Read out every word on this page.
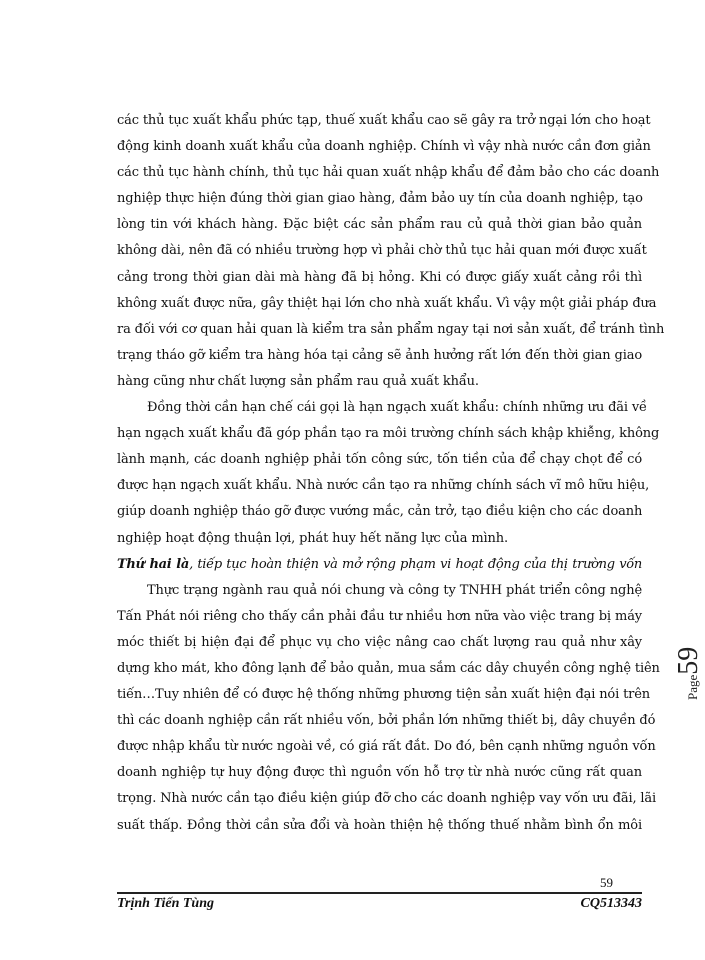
các thủ tục xuất khẩu phức tạp, thuế xuất khẩu cao sẽ gây ra trở ngại lớn cho hoạt
động kinh doanh xuất khẩu của doanh nghiệp. Chính vì vậy nhà nước cần đơn giản
các thủ tục hành chính, thủ tục hải quan xuất nhập khẩu để đảm bảo cho các doanh
nghiệp thực hiện đúng thời gian giao hàng, đảm bảo uy tín của doanh nghiệp, tạo
lòng tin với khách hàng. Đặc biệt các sản phẩm rau củ quả thời gian bảo quản
không dài, nên đã có nhiều trường hợp vì phải chờ thủ tục hải quan mới được xuất
cảng trong thời gian dài mà hàng đã bị hỏng. Khi có được giấy xuất cảng rồi thì
không xuất được nữa, gây thiệt hại lớn cho nhà xuất khẩu. Vì vậy một giải pháp đưa
ra đối với cơ quan hải quan là kiểm tra sản phẩm ngay tại nơi sản xuất, để tránh tình
trạng tháo gỡ kiểm tra hàng hóa tại cảng sẽ ảnh hưởng rất lớn đến thời gian giao
hàng cũng như chất lượng sản phẩm rau quả xuất khẩu.
Đồng thời cần hạn chế cái gọi là hạn ngạch xuất khẩu: chính những ưu đãi về
hạn ngạch xuất khẩu đã góp phần tạo ra môi trường chính sách khập khiễng, không
lành mạnh, các doanh nghiệp phải tốn công sức, tốn tiền của để chạy chọt để có
được hạn ngạch xuất khẩu. Nhà nước cần tạo ra những chính sách vĩ mô hữu hiệu,
giúp doanh nghiệp tháo gỡ được vướng mắc, cản trở, tạo điều kiện cho các doanh
nghiệp hoạt động thuận lợi, phát huy hết năng lực của mình.
Thứ hai là, tiếp tục hoàn thiện và mở rộng phạm vi hoạt động của thị trường vốn
Thực trạng ngành rau quả nói chung và công ty TNHH phát triển công nghệ
Tấn Phát nói riêng cho thấy cần phải đầu tư nhiều hơn nữa vào việc trang bị máy
móc thiết bị hiện đại để phục vụ cho việc nâng cao chất lượng rau quả như xây
dựng kho mát, kho đông lạnh để bảo quản, mua sắm các dây chuyền công nghệ tiên
tiến…Tuy nhiên để có được hệ thống những phương tiện sản xuất hiện đại nói trên
thì các doanh nghiệp cần rất nhiều vốn, bởi phần lớn những thiết bị, dây chuyền đó
được nhập khẩu từ nước ngoài về, có giá rất đắt. Do đó, bên cạnh những nguồn vốn
doanh nghiệp tự huy động được thì nguồn vốn hỗ trợ từ nhà nước cũng rất quan
trọng. Nhà nước cần tạo điều kiện giúp đỡ cho các doanh nghiệp vay vốn ưu đãi, lãi
suất thấp. Đồng thời cần sửa đổi và hoàn thiện hệ thống thuế nhằm bình ổn môi
Page59
59
Trịnh Tiến Tùng	CQ513343
